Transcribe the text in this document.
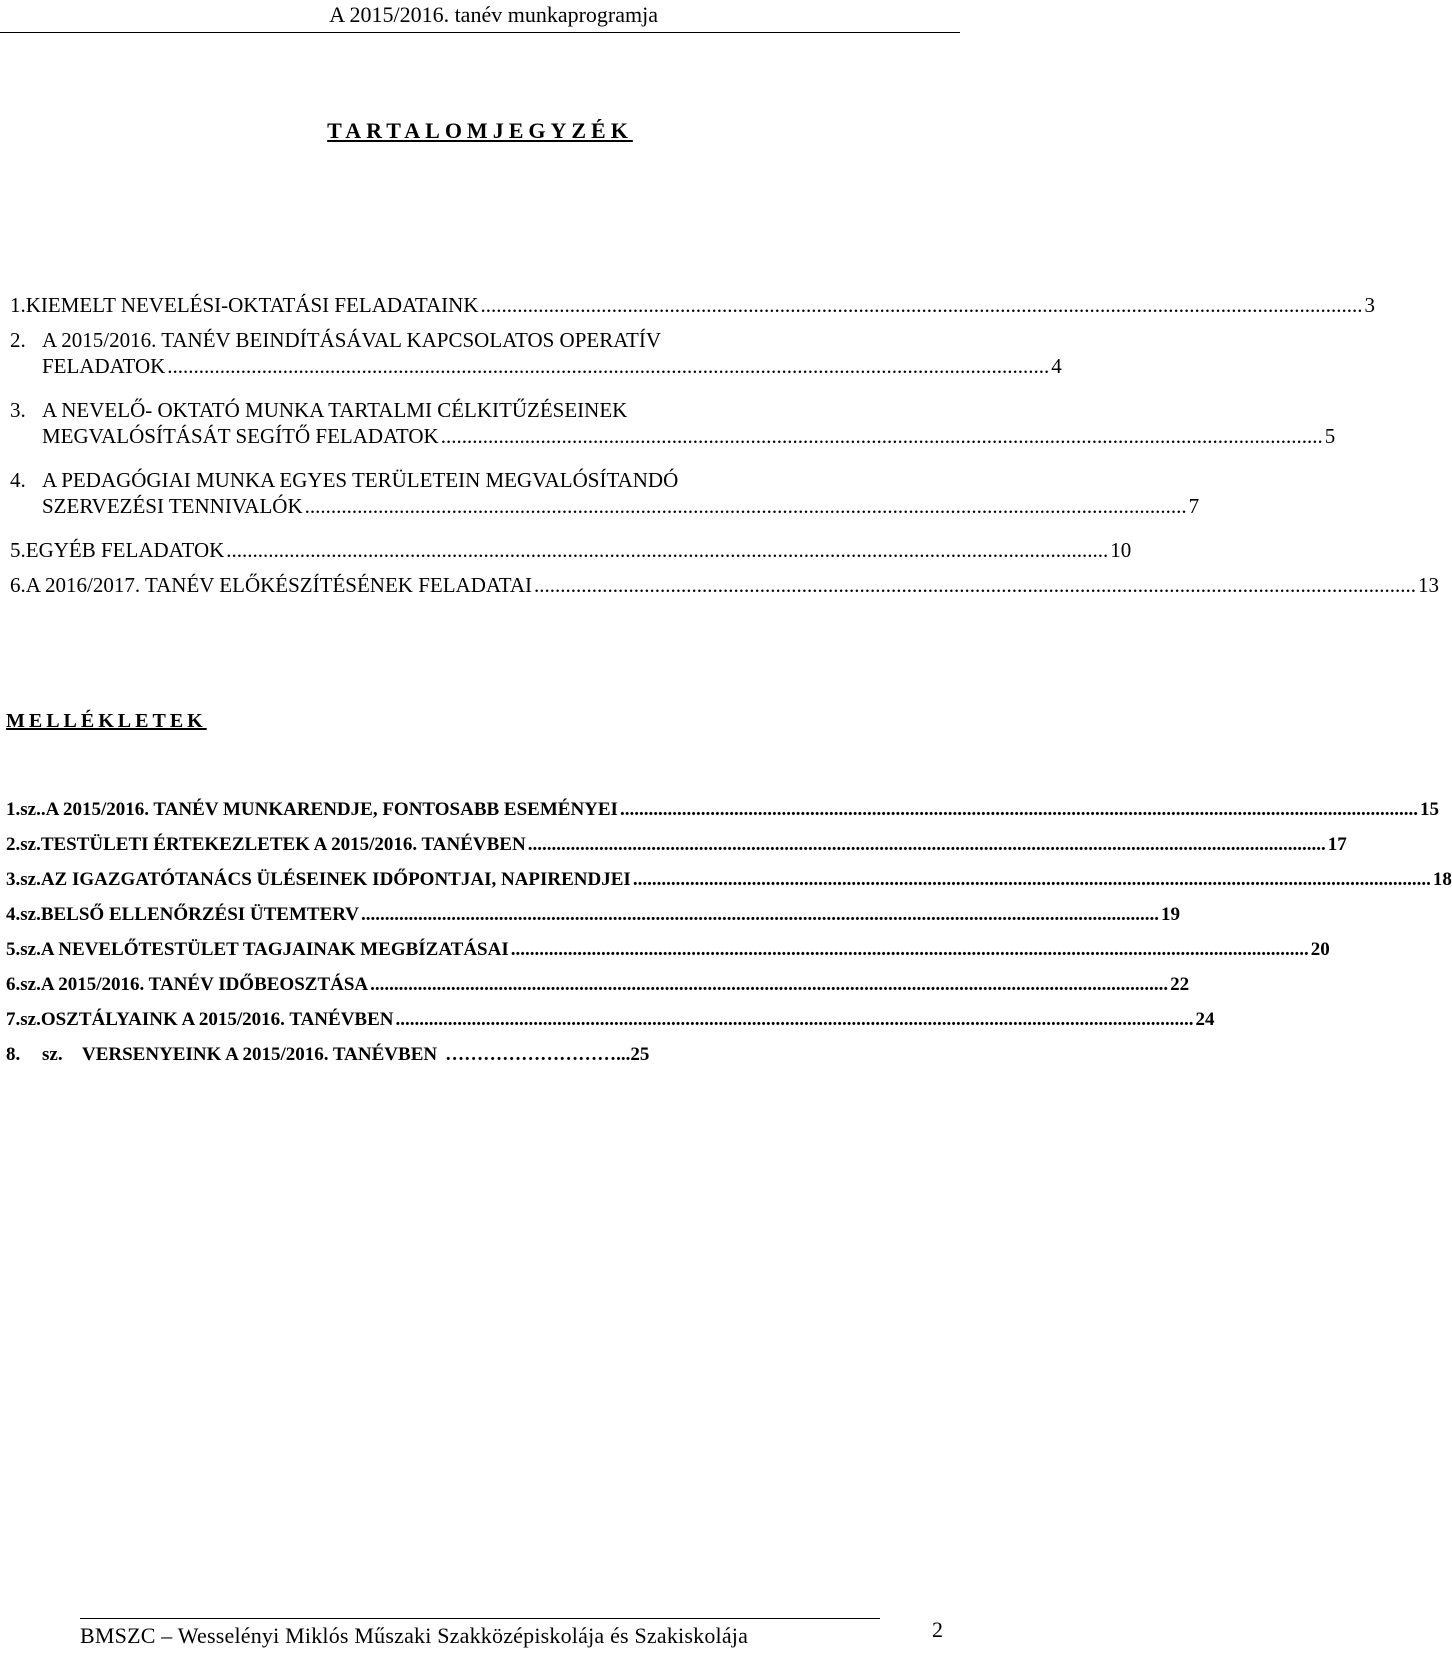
A 2015/2016. tanév munkaprogramja
TARTALOMJEGYZÉK
1. KIEMELT NEVELÉSI-OKTATÁSI FELADATAINK ........................................................................................................................................................................ 3
2. A 2015/2016. TANÉV BEINDÍTÁSÁVAL KAPCSOLATOS OPERATÍV
FELADATOK ........................................................................................................................................................................ 4
3. A NEVELŐ- OKTATÓ MUNKA TARTALMI CÉLKITŰZÉSEINEK
MEGVALÓSÍTÁSÁT SEGÍTŐ FELADATOK ........................................................................................................................................................................ 5
4. A PEDAGÓGIAI MUNKA EGYES TERÜLETEIN MEGVALÓSÍTANDÓ
SZERVEZÉSI TENNIVALÓK ........................................................................................................................................................................ 7
5. EGYÉB FELADATOK ........................................................................................................................................................................ 10
6. A 2016/2017. TANÉV ELŐKÉSZÍTÉSÉNEK FELADATAI ........................................................................................................................................................................ 13
MELLÉKLETEK
1. sz.. A 2015/2016. TANÉV MUNKARENDJE, FONTOSABB ESEMÉNYEI ........................................................................................................................................................................ 15
2. sz. TESTÜLETI ÉRTEKEZLETEK A 2015/2016. TANÉVBEN ........................................................................................................................................................................ 17
3. sz. AZ IGAZGATÓTANÁCS ÜLÉSEINEK IDŐPONTJAI, NAPIRENDJEI ........................................................................................................................................................................ 18
4. sz. BELSŐ ELLENŐRZÉSI ÜTEMTERV ........................................................................................................................................................................ 19
5. sz. A NEVELŐTESTÜLET TAGJAINAK MEGBÍZATÁSAI ........................................................................................................................................................................ 20
6. sz. A 2015/2016. TANÉV IDŐBEOSZTÁSA ........................................................................................................................................................................ 22
7. sz. OSZTÁLYAINK A 2015/2016. TANÉVBEN ........................................................................................................................................................................ 24
8.	sz.	VERSENYEINK A 2015/2016. TANÉVBEN ………………………... 25
BMSZC – Wesselényi Miklós Műszaki Szakközépiskolája és Szakiskolája	2
